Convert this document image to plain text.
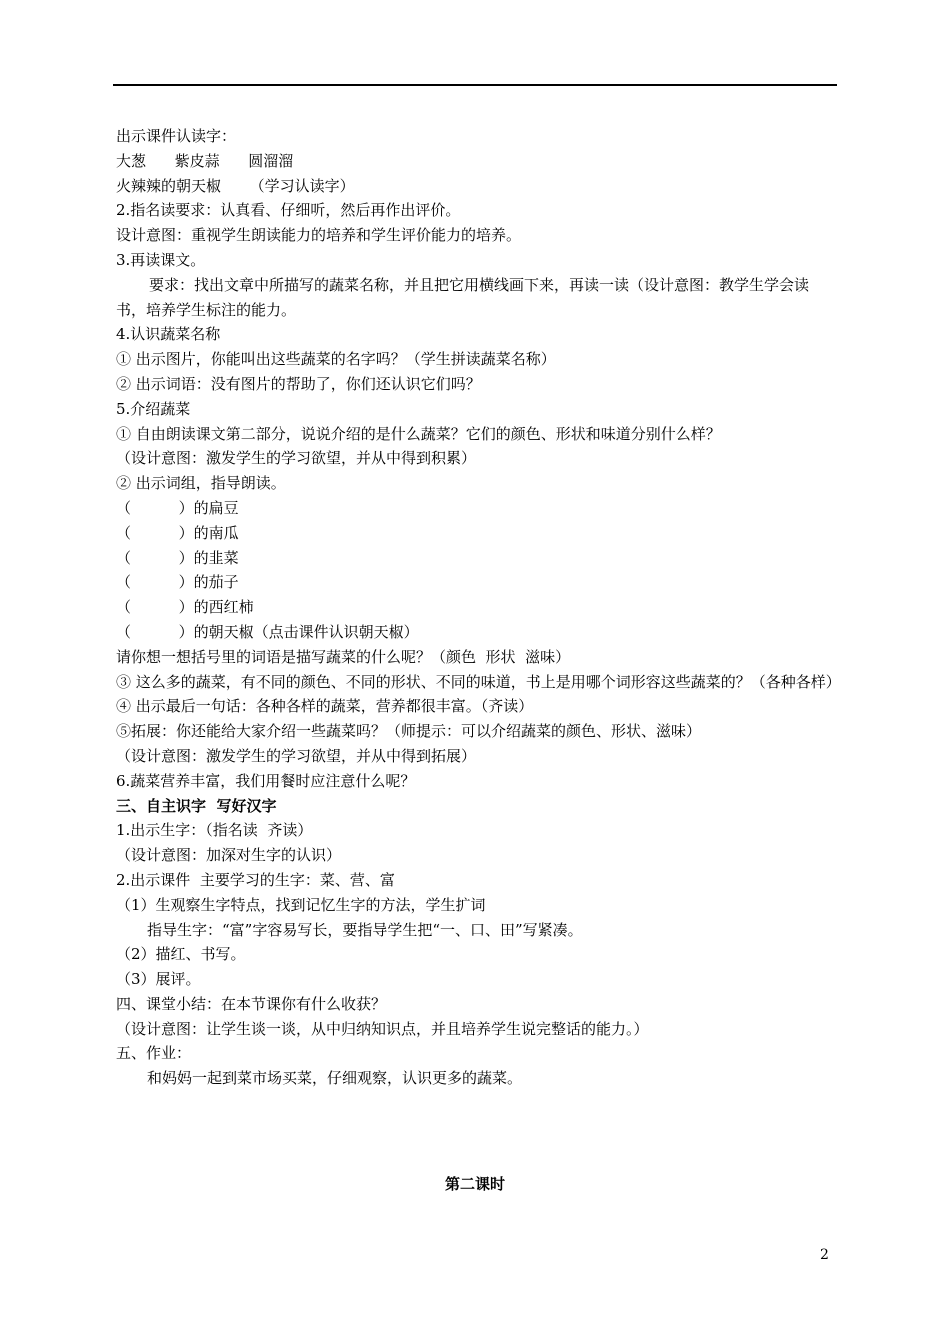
出示课件认读字：
大葱      紫皮蒜      圆溜溜
火辣辣的朝天椒      （学习认读字）
2.指名读要求：认真看、仔细听，然后再作出评价。
设计意图：重视学生朗读能力的培养和学生评价能力的培养。
3.再读课文。
要求：找出文章中所描写的蔬菜名称，并且把它用横线画下来，再读一读（设计意图：教学生学会读书，培养学生标注的能力。
4.认识蔬菜名称
① 出示图片，你能叫出这些蔬菜的名字吗？（学生拼读蔬菜名称）
② 出示词语：没有图片的帮助了，你们还认识它们吗？
5.介绍蔬菜
① 自由朗读课文第二部分，说说介绍的是什么蔬菜？它们的颜色、形状和味道分别什么样？
（设计意图：激发学生的学习欲望，并从中得到积累）
② 出示词组，指导朗读。
（          ）的扁豆
（          ）的南瓜
（          ）的韭菜
（          ）的茄子
（          ）的西红柿
（          ）的朝天椒（点击课件认识朝天椒）
请你想一想括号里的词语是描写蔬菜的什么呢？（颜色  形状  滋味）
③ 这么多的蔬菜，有不同的颜色、不同的形状、不同的味道，书上是用哪个词形容这些蔬菜的？（各种各样）
④ 出示最后一句话：各种各样的蔬菜，营养都很丰富。（齐读）
⑤拓展：你还能给大家介绍一些蔬菜吗？（师提示：可以介绍蔬菜的颜色、形状、滋味）
（设计意图：激发学生的学习欲望，并从中得到拓展）
6.蔬菜营养丰富，我们用餐时应注意什么呢？
三、自主识字  写好汉字
1.出示生字：（指名读  齐读）
（设计意图：加深对生字的认识）
2.出示课件  主要学习的生字：菜、营、富
（1）生观察生字特点，找到记忆生字的方法，学生扩词
指导生字：“富”字容易写长，要指导学生把“一、口、田”写紧凑。
（2）描红、书写。
（3）展评。
四、课堂小结：在本节课你有什么收获？
（设计意图：让学生谈一谈，从中归纳知识点，并且培养学生说完整话的能力。）
五、作业：
和妈妈一起到菜市场买菜，仔细观察，认识更多的蔬菜。
第二课时
2
